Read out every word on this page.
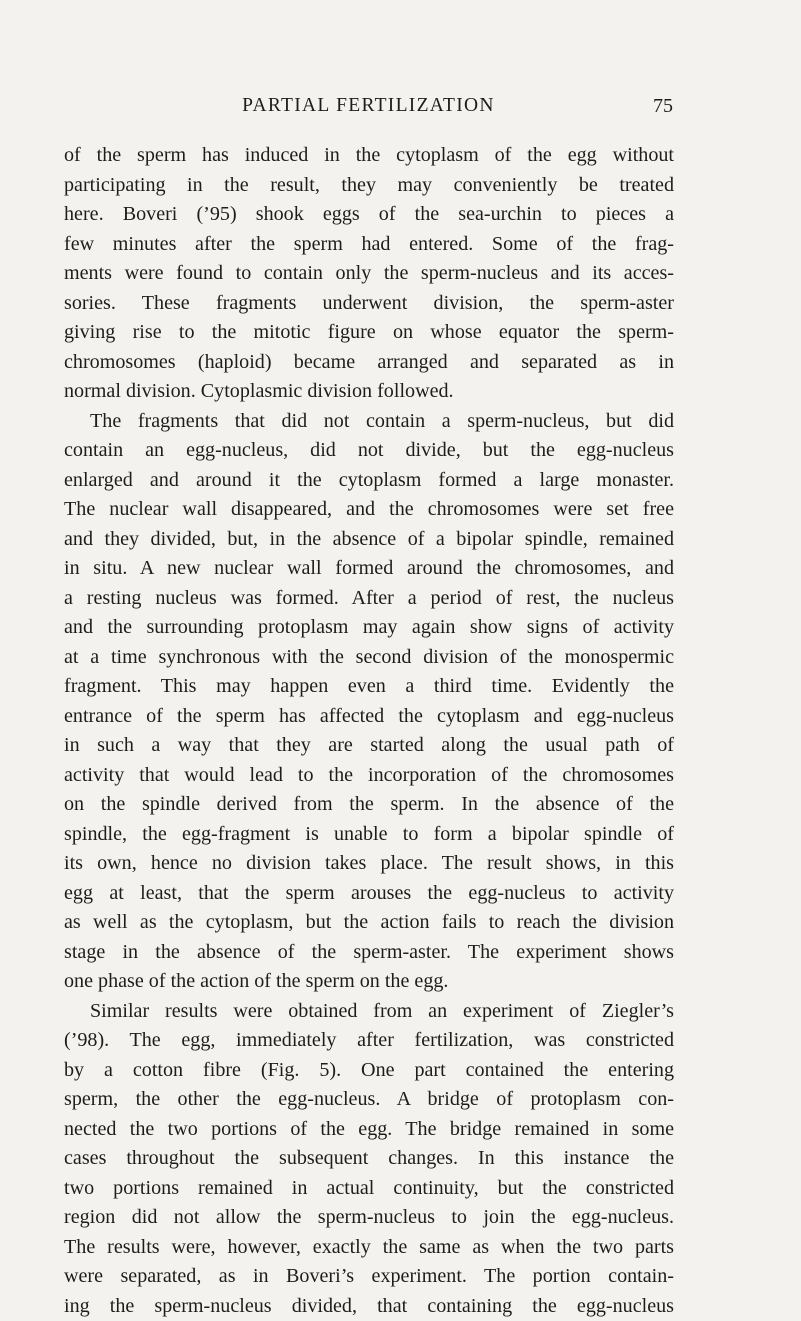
PARTIAL FERTILIZATION	75
of the sperm has induced in the cytoplasm of the egg without
participating in the result, they may conveniently be treated
here. Boveri (’95) shook eggs of the sea-urchin to pieces a
few minutes after the sperm had entered. Some of the frag-
ments were found to contain only the sperm-nucleus and its acces-
sories. These fragments underwent division, the sperm-aster
giving rise to the mitotic figure on whose equator the sperm-
chromosomes (haploid) became arranged and separated as in
normal division. Cytoplasmic division followed.
The fragments that did not contain a sperm-nucleus, but did
contain an egg-nucleus, did not divide, but the egg-nucleus
enlarged and around it the cytoplasm formed a large monaster.
The nuclear wall disappeared, and the chromosomes were set free
and they divided, but, in the absence of a bipolar spindle, remained
in situ. A new nuclear wall formed around the chromosomes, and
a resting nucleus was formed. After a period of rest, the nucleus
and the surrounding protoplasm may again show signs of activity
at a time synchronous with the second division of the monospermic
fragment. This may happen even a third time. Evidently the
entrance of the sperm has affected the cytoplasm and egg-nucleus
in such a way that they are started along the usual path of
activity that would lead to the incorporation of the chromosomes
on the spindle derived from the sperm. In the absence of the
spindle, the egg-fragment is unable to form a bipolar spindle of
its own, hence no division takes place. The result shows, in this
egg at least, that the sperm arouses the egg-nucleus to activity
as well as the cytoplasm, but the action fails to reach the division
stage in the absence of the sperm-aster. The experiment shows
one phase of the action of the sperm on the egg.
Similar results were obtained from an experiment of Ziegler’s
(’98). The egg, immediately after fertilization, was constricted
by a cotton fibre (Fig. 5). One part contained the entering
sperm, the other the egg-nucleus. A bridge of protoplasm con-
nected the two portions of the egg. The bridge remained in some
cases throughout the subsequent changes. In this instance the
two portions remained in actual continuity, but the constricted
region did not allow the sperm-nucleus to join the egg-nucleus.
The results were, however, exactly the same as when the two parts
were separated, as in Boveri’s experiment. The portion contain-
ing the sperm-nucleus divided, that containing the egg-nucleus
